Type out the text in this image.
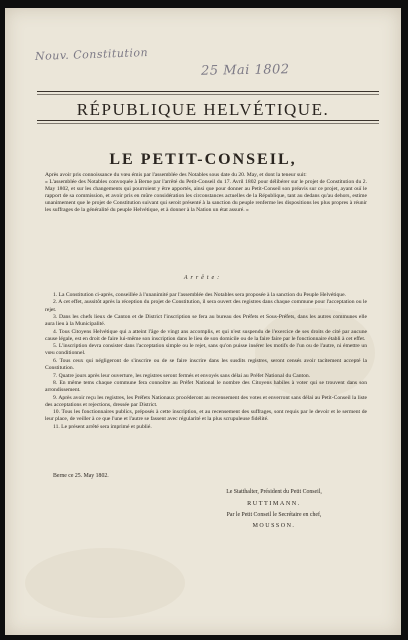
Nouv. Constitution
25 Mai 1802
RÉPUBLIQUE HELVÉTIQUE.
LE PETIT-CONSEIL,

Après avoir pris connoissance du vœu émis par l'assemblée des Notables sous date du 20. May, et dont la teneur suit:

« L'assemblée des Notables convoquée à Berne par l'arrêté du Petit-Conseil du 17. Avril 1802 pour délibérer sur le projet de Constitution du 2. May 1802, et sur les changements qui pourroient y être apportés, ainsi que pour donner au Petit-Conseil son préavis sur ce projet, ayant ouï le rapport de sa commission, et avoir pris en mûre considération les circonstances actuelles de la République, tant au dedans qu'au dehors, estime unanimement que le projet de Constitution suivant qui seroit présenté à la sanction du peuple renferme les dispositions les plus propres à réunir les suffrages de la généralité du peuple Helvétique, et à donner à la Nation un état assuré. »

Arrête:

1. La Constitution ci-après, conseillée à l'unanimité par l'assemblée des Notables sera proposée à la sanction du Peuple Helvétique.

2. A cet effet, aussitôt après la réception du projet de Constitution, il sera ouvert des registres dans chaque commune pour l'acceptation ou le rejet.

3. Dans les chefs lieux de Canton et de District l'inscription se fera au bureau des Préfets et Sous-Préfets, dans les autres communes elle aura lieu à la Municipalité.

4. Tous Citoyens Helvétique qui a atteint l'âge de vingt ans accomplis, et qui n'est suspendu de l'exercice de ses droits de cité par aucune cause légale, est en droit de faire lui-même son inscription dans le lieu de son domicile ou de la faire faire par le fonctionnaire établi à cet effet.

5. L'inscription devra consister dans l'acceptation simple ou le rejet, sans qu'on puisse insérer les motifs de l'un ou de l'autre, ni émettre un vœu conditionnel.

6. Tous ceux qui négligeront de s'inscrire ou de se faire inscrire dans les susdits registres, seront censés avoir tacitement accepté la Constitution.

7. Quatre jours après leur ouverture, les registres seront fermés et envoyés sans délai au Préfet National du Canton.

8. En même tems chaque commune fera connoître au Préfet National le nombre des Citoyens habiles à voter qui se trouvent dans son arrondissement.

9. Après avoir reçu les registres, les Préfets Nationaux procéderont au recensement des votes et enverront sans délai au Petit-Conseil la liste des acceptations et rejections, dressée par District.

10. Tous les fonctionnaires publics, préposés à cette inscription, et au recensement des suffrages, sont requis par le devoir et le serment de leur place, de veiller à ce que l'une et l'autre se fassent avec régularité et la plus scrupuleuse fidélité.

11. Le présent arrêté sera imprimé et publié.

Berne ce 25. May 1802.
Le Statthalter, Président du Petit Conseil,
RUTTIMANN.
Par le Petit Conseil le Secrétaire en chef,
MOUSSON.
